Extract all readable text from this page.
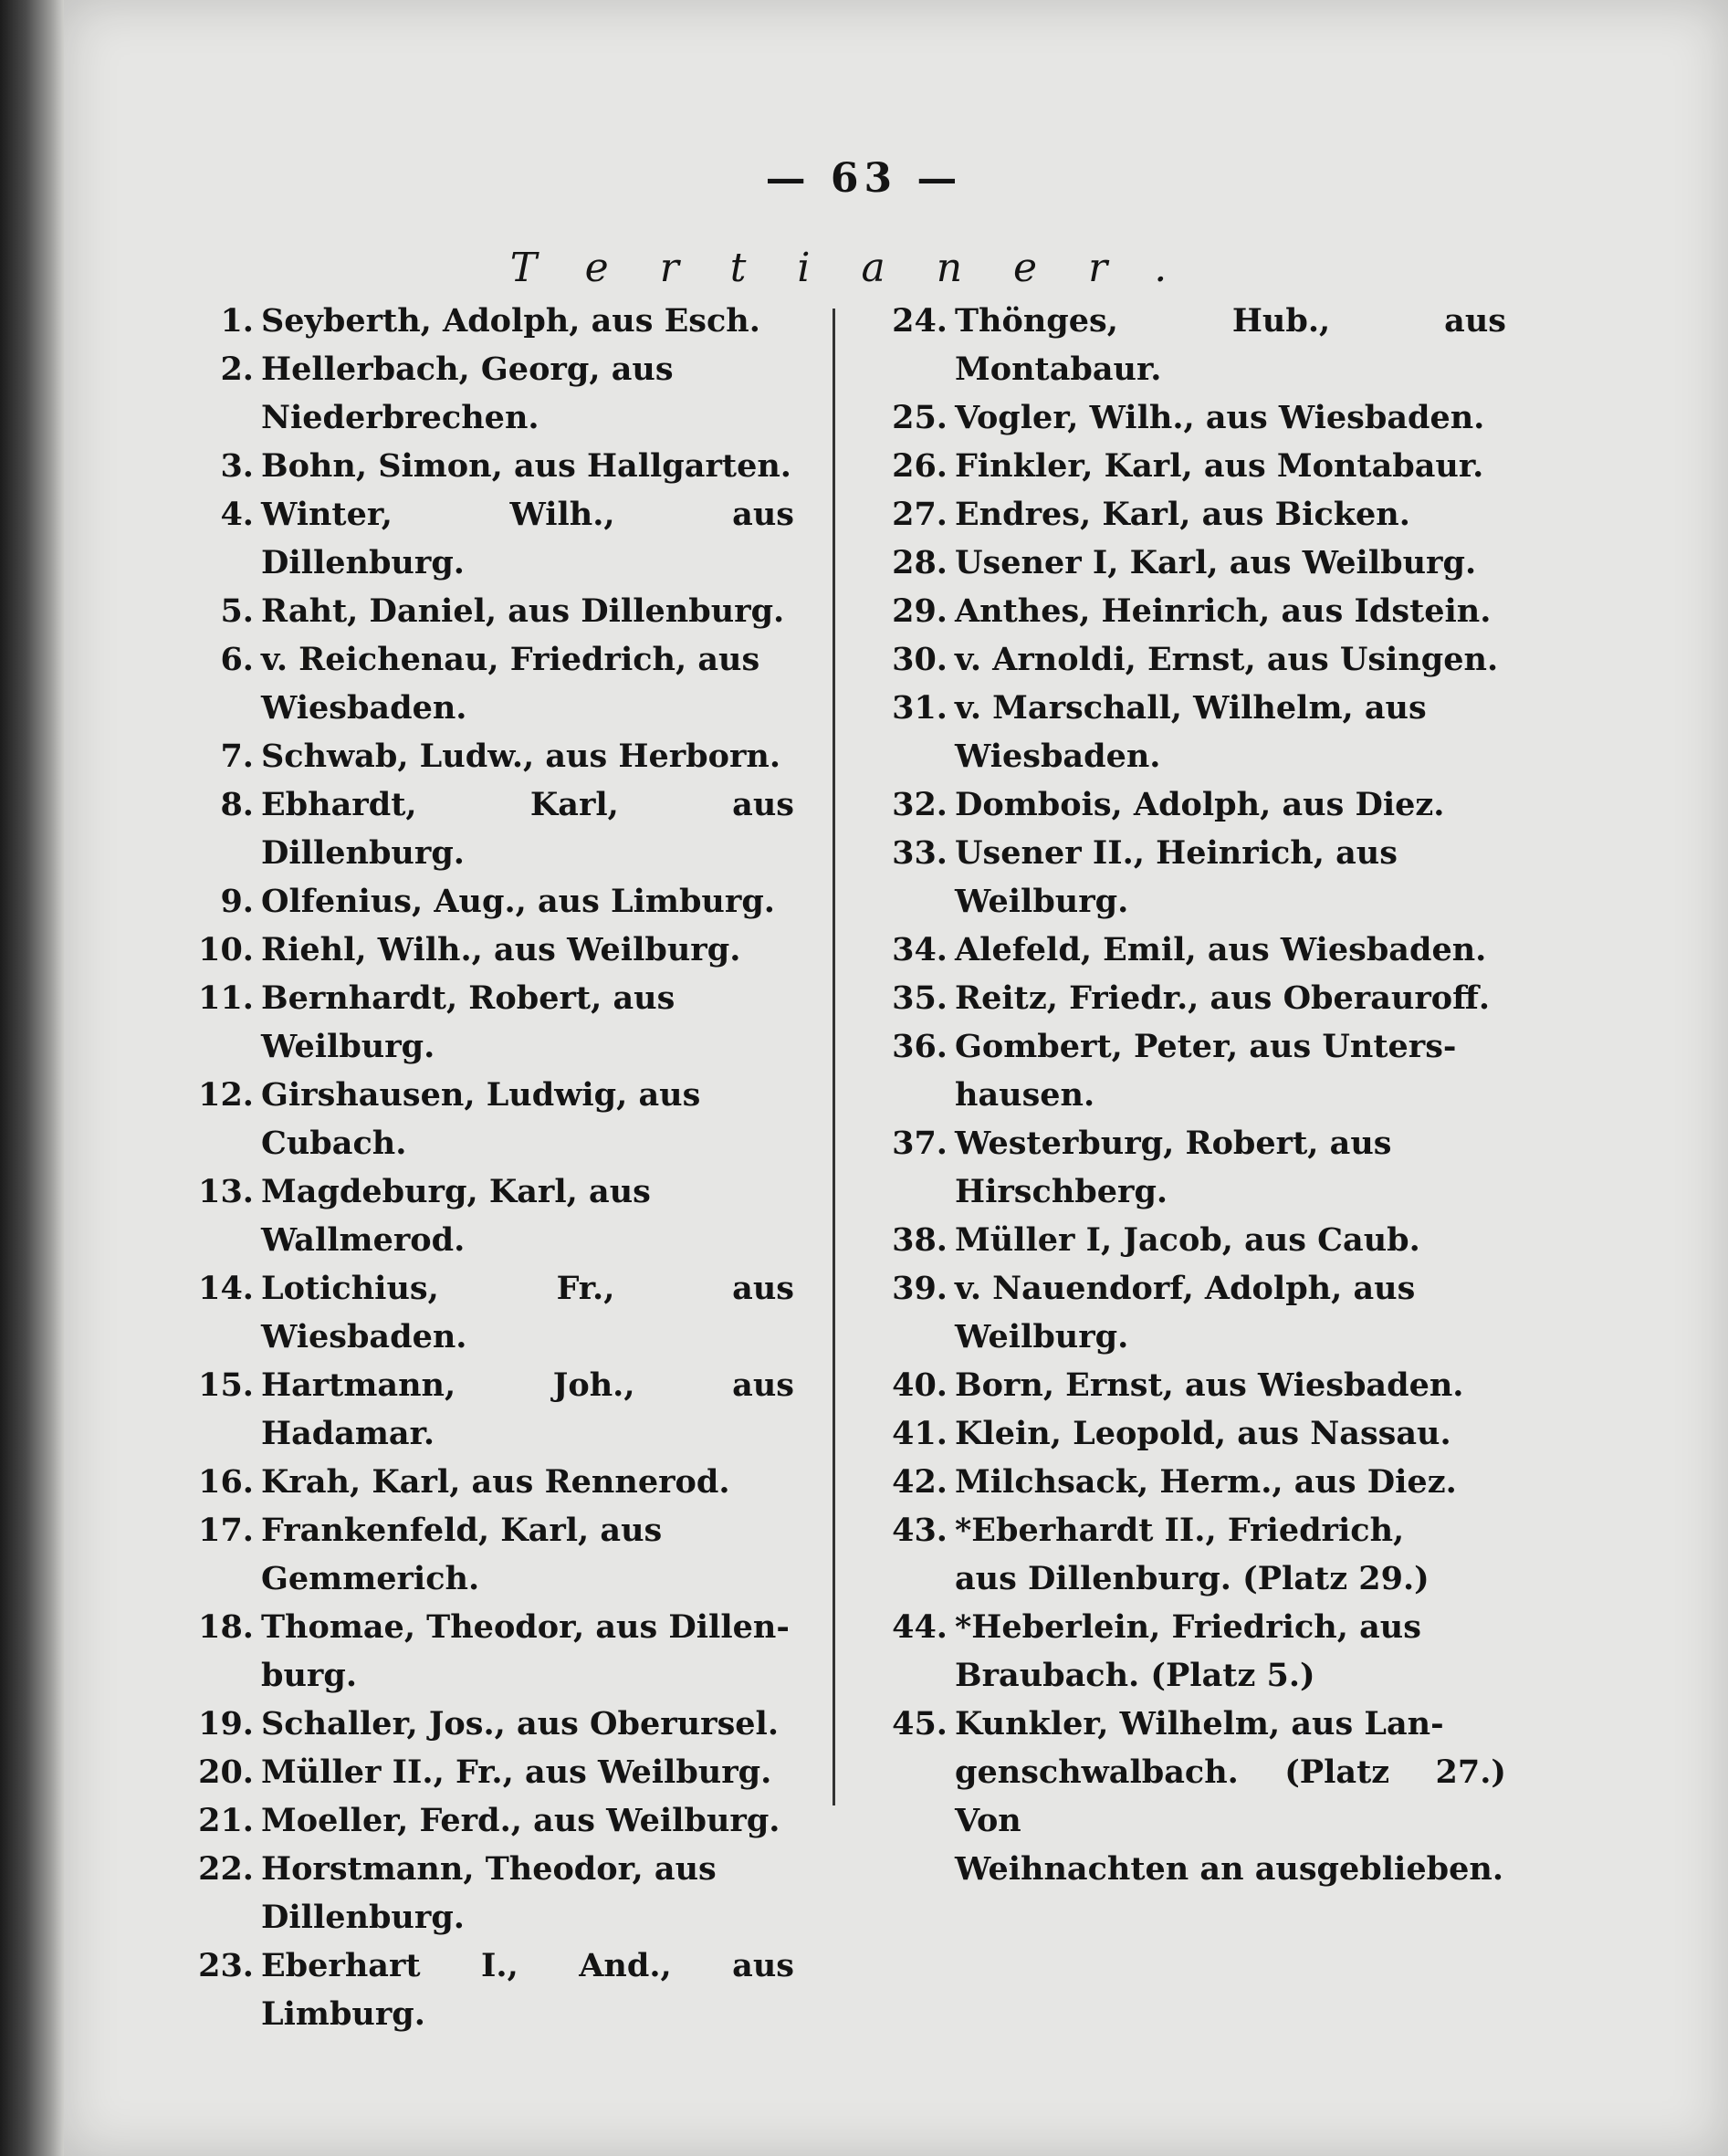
— 63 —
Tertianer.
1. Seyberth, Adolph, aus Esch.
2. Hellerbach, Georg, aus
Niederbrechen.
3. Bohn, Simon, aus Hallgarten.
4. Winter, Wilh., aus Dillenburg.
5. Raht, Daniel, aus Dillenburg.
6. v. Reichenau, Friedrich, aus
Wiesbaden.
7. Schwab, Ludw., aus Herborn.
8. Ebhardt, Karl, aus Dillenburg.
9. Olfenius, Aug., aus Limburg.
10. Riehl, Wilh., aus Weilburg.
11. Bernhardt, Robert, aus
Weilburg.
12. Girshausen, Ludwig, aus
Cubach.
13. Magdeburg, Karl, aus
Wallmerod.
14. Lotichius, Fr., aus Wiesbaden.
15. Hartmann, Joh., aus Hadamar.
16. Krah, Karl, aus Rennerod.
17. Frankenfeld, Karl, aus
Gemmerich.
18. Thomae, Theodor, aus Dillen-
burg.
19. Schaller, Jos., aus Oberursel.
20. Müller II., Fr., aus Weilburg.
21. Moeller, Ferd., aus Weilburg.
22. Horstmann, Theodor, aus
Dillenburg.
23. Eberhart I., And., aus Limburg.
24. Thönges, Hub., aus Montabaur.
25. Vogler, Wilh., aus Wiesbaden.
26. Finkler, Karl, aus Montabaur.
27. Endres, Karl, aus Bicken.
28. Usener I, Karl, aus Weilburg.
29. Anthes, Heinrich, aus Idstein.
30. v. Arnoldi, Ernst, aus Usingen.
31. v. Marschall, Wilhelm, aus
Wiesbaden.
32. Dombois, Adolph, aus Diez.
33. Usener II., Heinrich, aus
Weilburg.
34. Alefeld, Emil, aus Wiesbaden.
35. Reitz, Friedr., aus Oberauroff.
36. Gombert, Peter, aus Unters-
hausen.
37. Westerburg, Robert, aus
Hirschberg.
38. Müller I, Jacob, aus Caub.
39. v. Nauendorf, Adolph, aus
Weilburg.
40. Born, Ernst, aus Wiesbaden.
41. Klein, Leopold, aus Nassau.
42. Milchsack, Herm., aus Diez.
43. *Eberhardt II., Friedrich,
aus Dillenburg. (Platz 29.)
44. *Heberlein, Friedrich, aus
Braubach. (Platz 5.)
45. Kunkler, Wilhelm, aus Lan-
genschwalbach. (Platz 27.) Von
Weihnachten an ausgeblieben.
